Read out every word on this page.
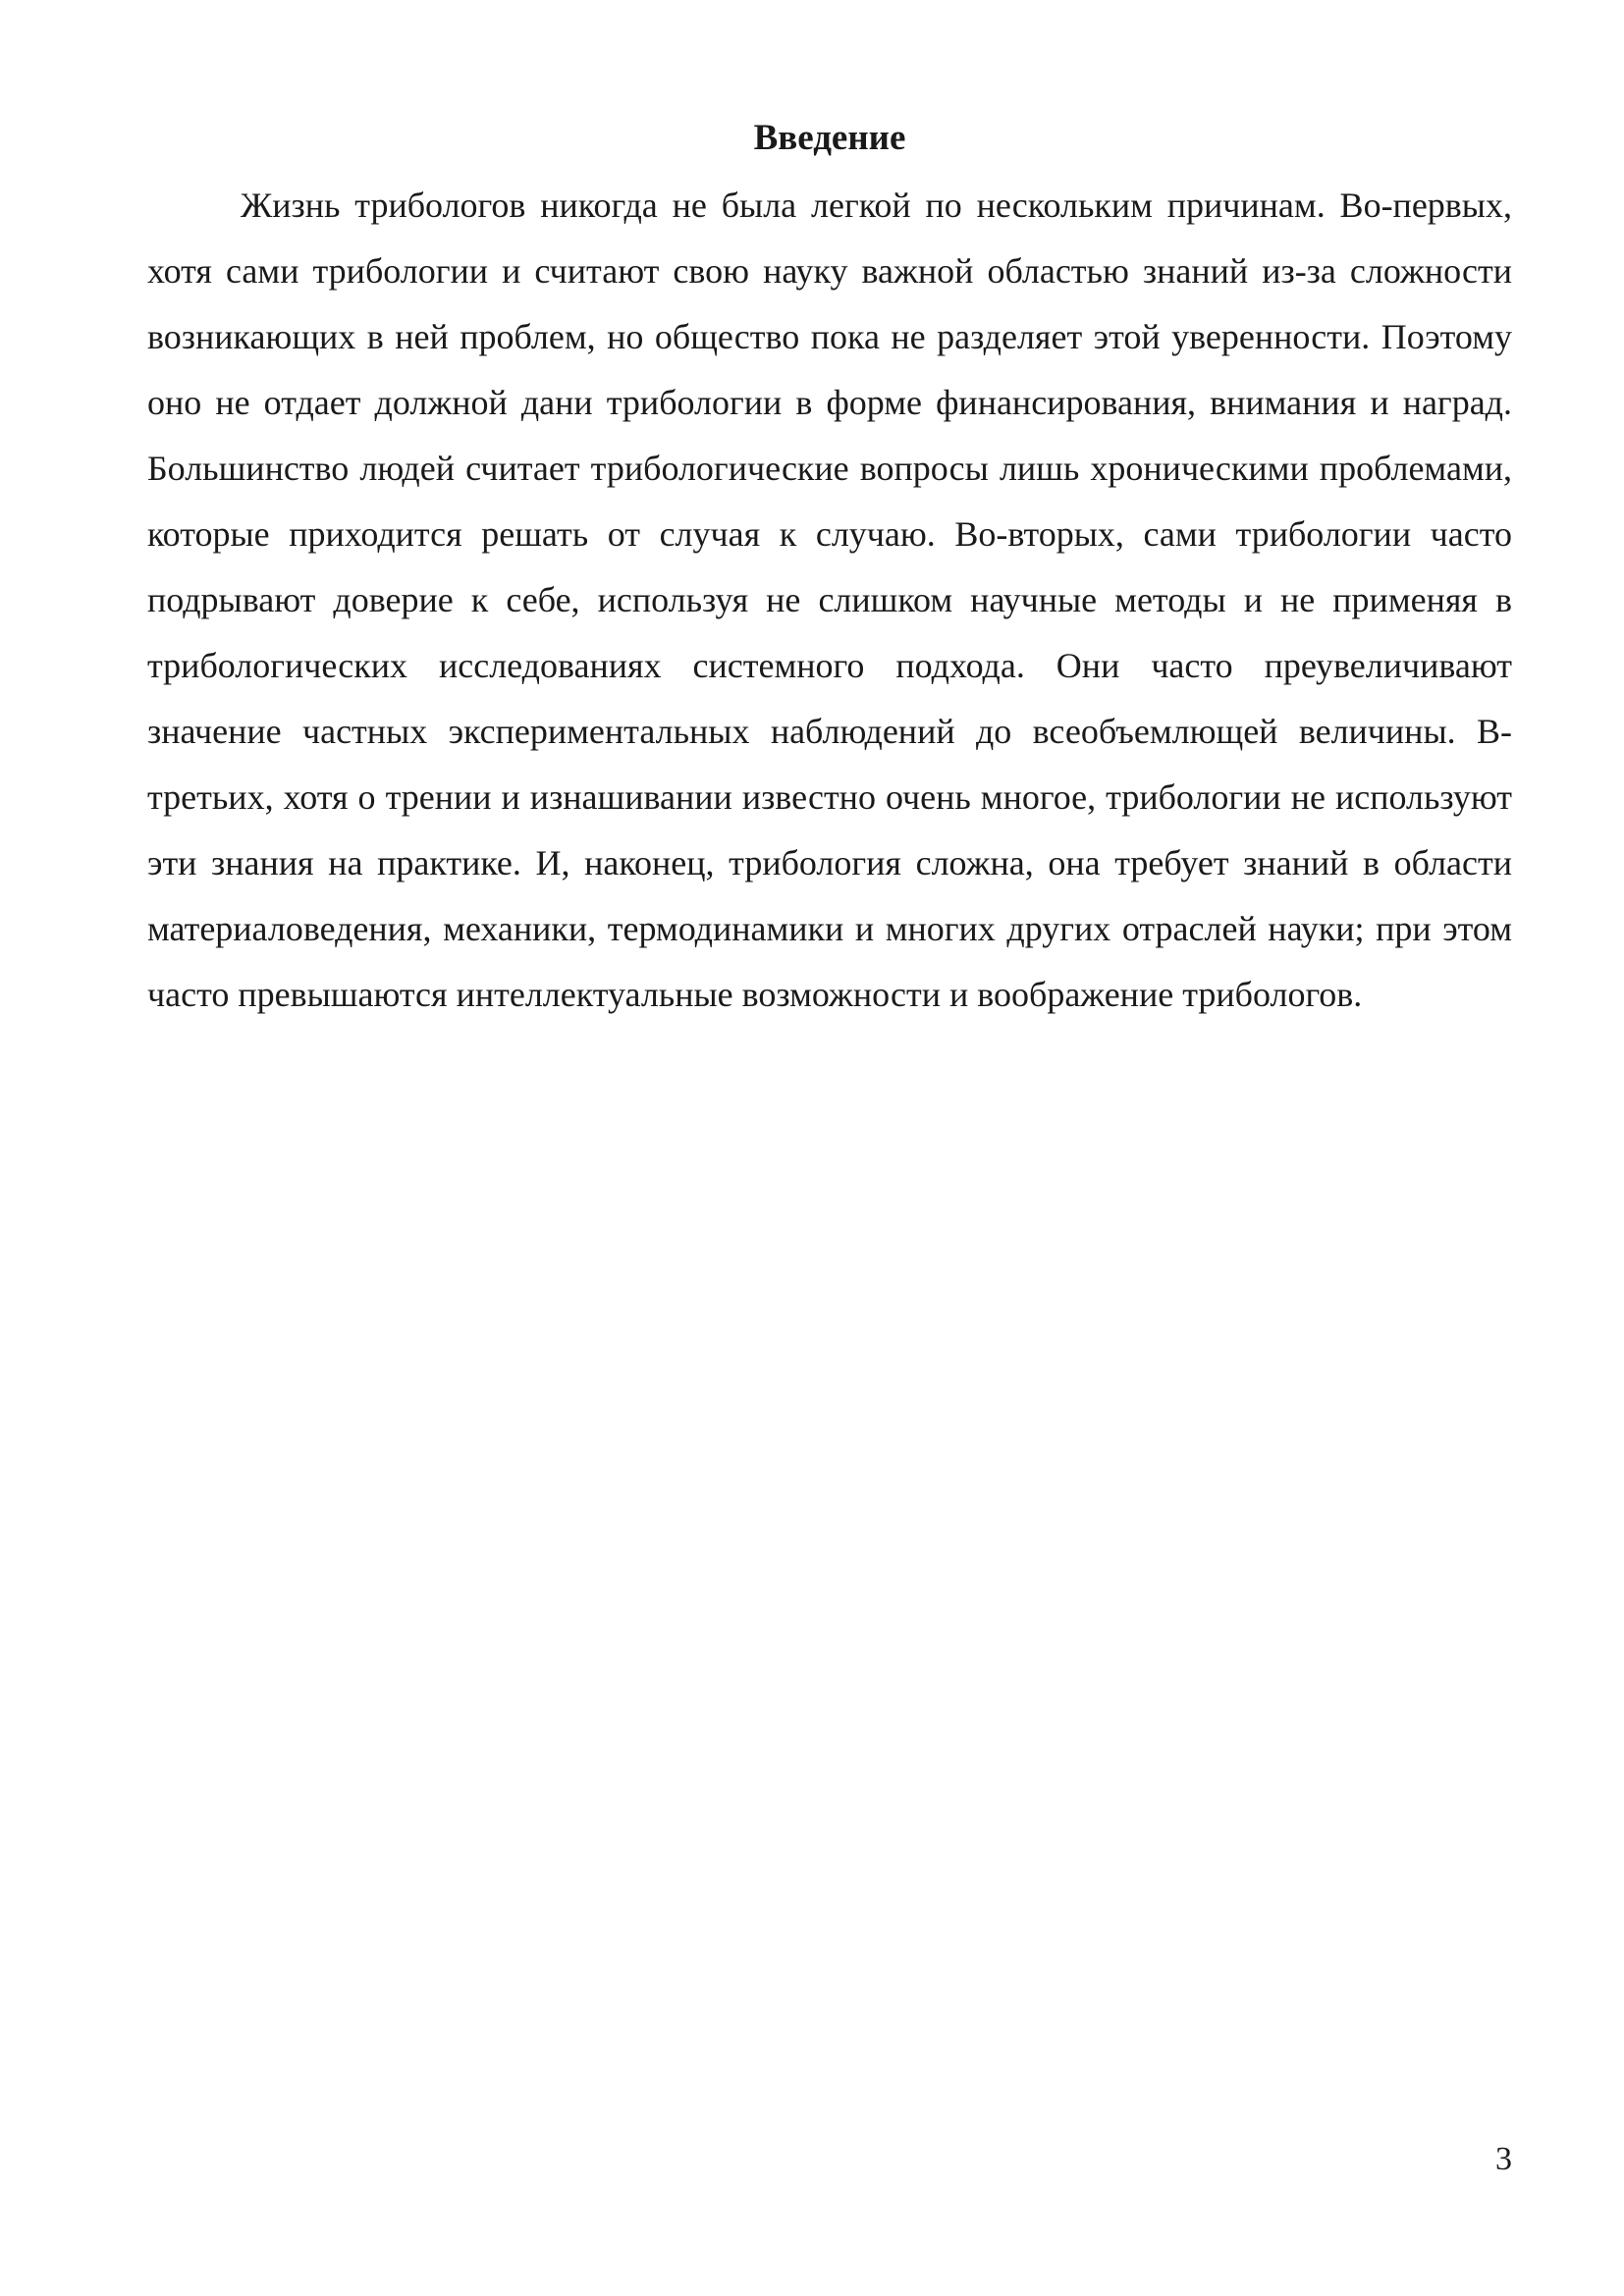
Введение

Жизнь трибологов никогда не была легкой по нескольким причинам. Во-первых, хотя сами трибологии и считают свою науку важной областью знаний из-за сложности возникающих в ней проблем, но общество пока не разделяет этой уверенности. Поэтому оно не отдает должной дани трибологии в форме финансирования, внимания и наград. Большинство людей считает трибологические вопросы лишь хроническими проблемами, которые приходится решать от случая к случаю. Во-вторых, сами трибологии часто подрывают доверие к себе, используя не слишком научные методы и не применяя в трибологических исследованиях системного подхода. Они часто преувеличивают значение частных экспериментальных наблюдений до всеобъемлющей величины. В-третьих, хотя о трении и изнашивании известно очень многое, трибологии не используют эти знания на практике. И, наконец, трибология сложна, она требует знаний в области материаловедения, механики, термодинамики и многих других отраслей науки; при этом часто превышаются интеллектуальные возможности и воображение трибологов.

3
